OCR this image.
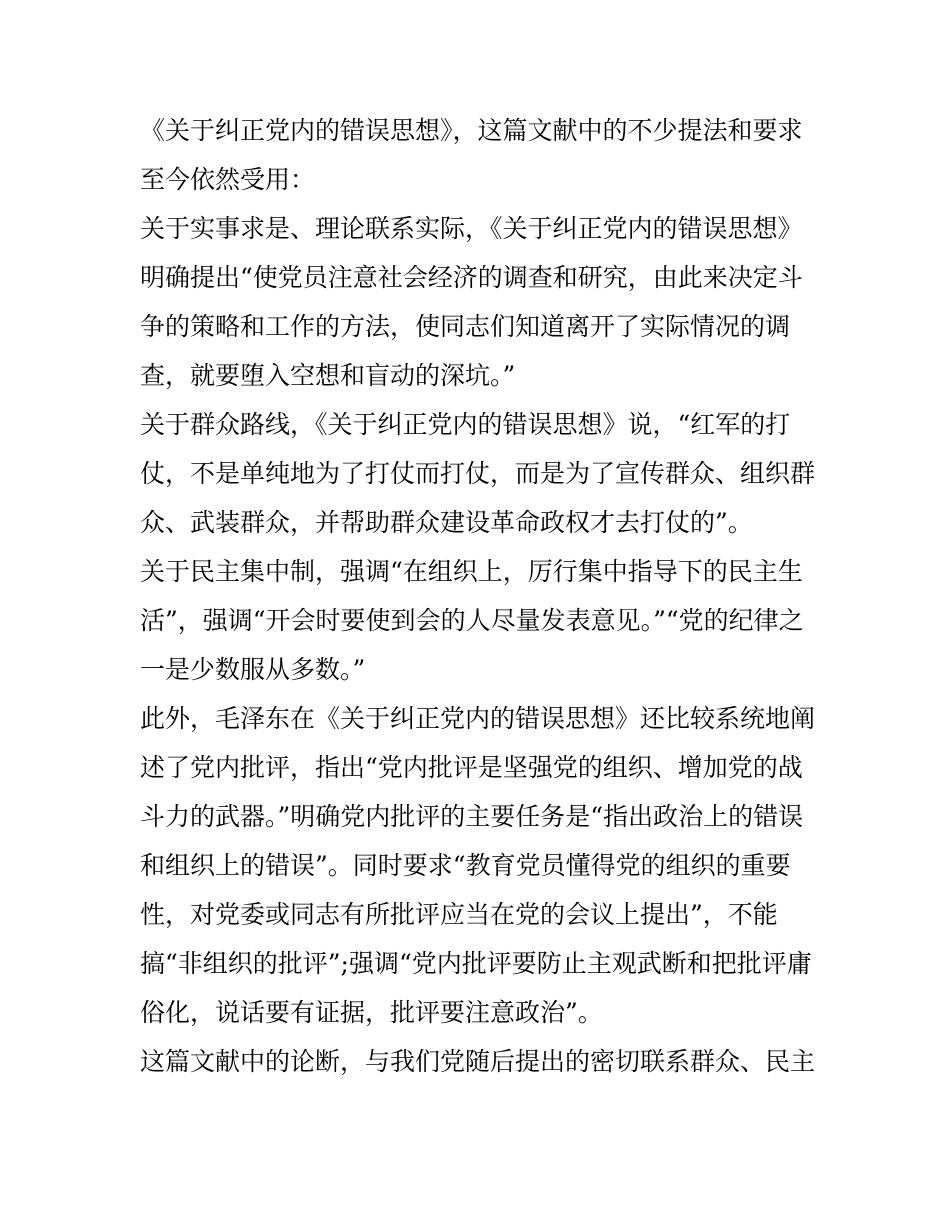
《关于纠正党内的错误思想》，这篇文献中的不少提法和要求
至今依然受用：
关于实事求是、理论联系实际，《关于纠正党内的错误思想》
明确提出“使党员注意社会经济的调查和研究，由此来决定斗
争的策略和工作的方法，使同志们知道离开了实际情况的调
查，就要堕入空想和盲动的深坑。”
关于群众路线，《关于纠正党内的错误思想》说，“红军的打
仗，不是单纯地为了打仗而打仗，而是为了宣传群众、组织群
众、武装群众，并帮助群众建设革命政权才去打仗的”。
关于民主集中制，强调“在组织上，厉行集中指导下的民主生
活”，强调“开会时要使到会的人尽量发表意见。”“党的纪律之
一是少数服从多数。”
此外，毛泽东在《关于纠正党内的错误思想》还比较系统地阐
述了党内批评，指出“党内批评是坚强党的组织、增加党的战
斗力的武器。”明确党内批评的主要任务是“指出政治上的错误
和组织上的错误”。同时要求“教育党员懂得党的组织的重要
性，对党委或同志有所批评应当在党的会议上提出”，不能
搞“非组织的批评”;强调“党内批评要防止主观武断和把批评庸
俗化，说话要有证据，批评要注意政治”。
这篇文献中的论断，与我们党随后提出的密切联系群众、民主
